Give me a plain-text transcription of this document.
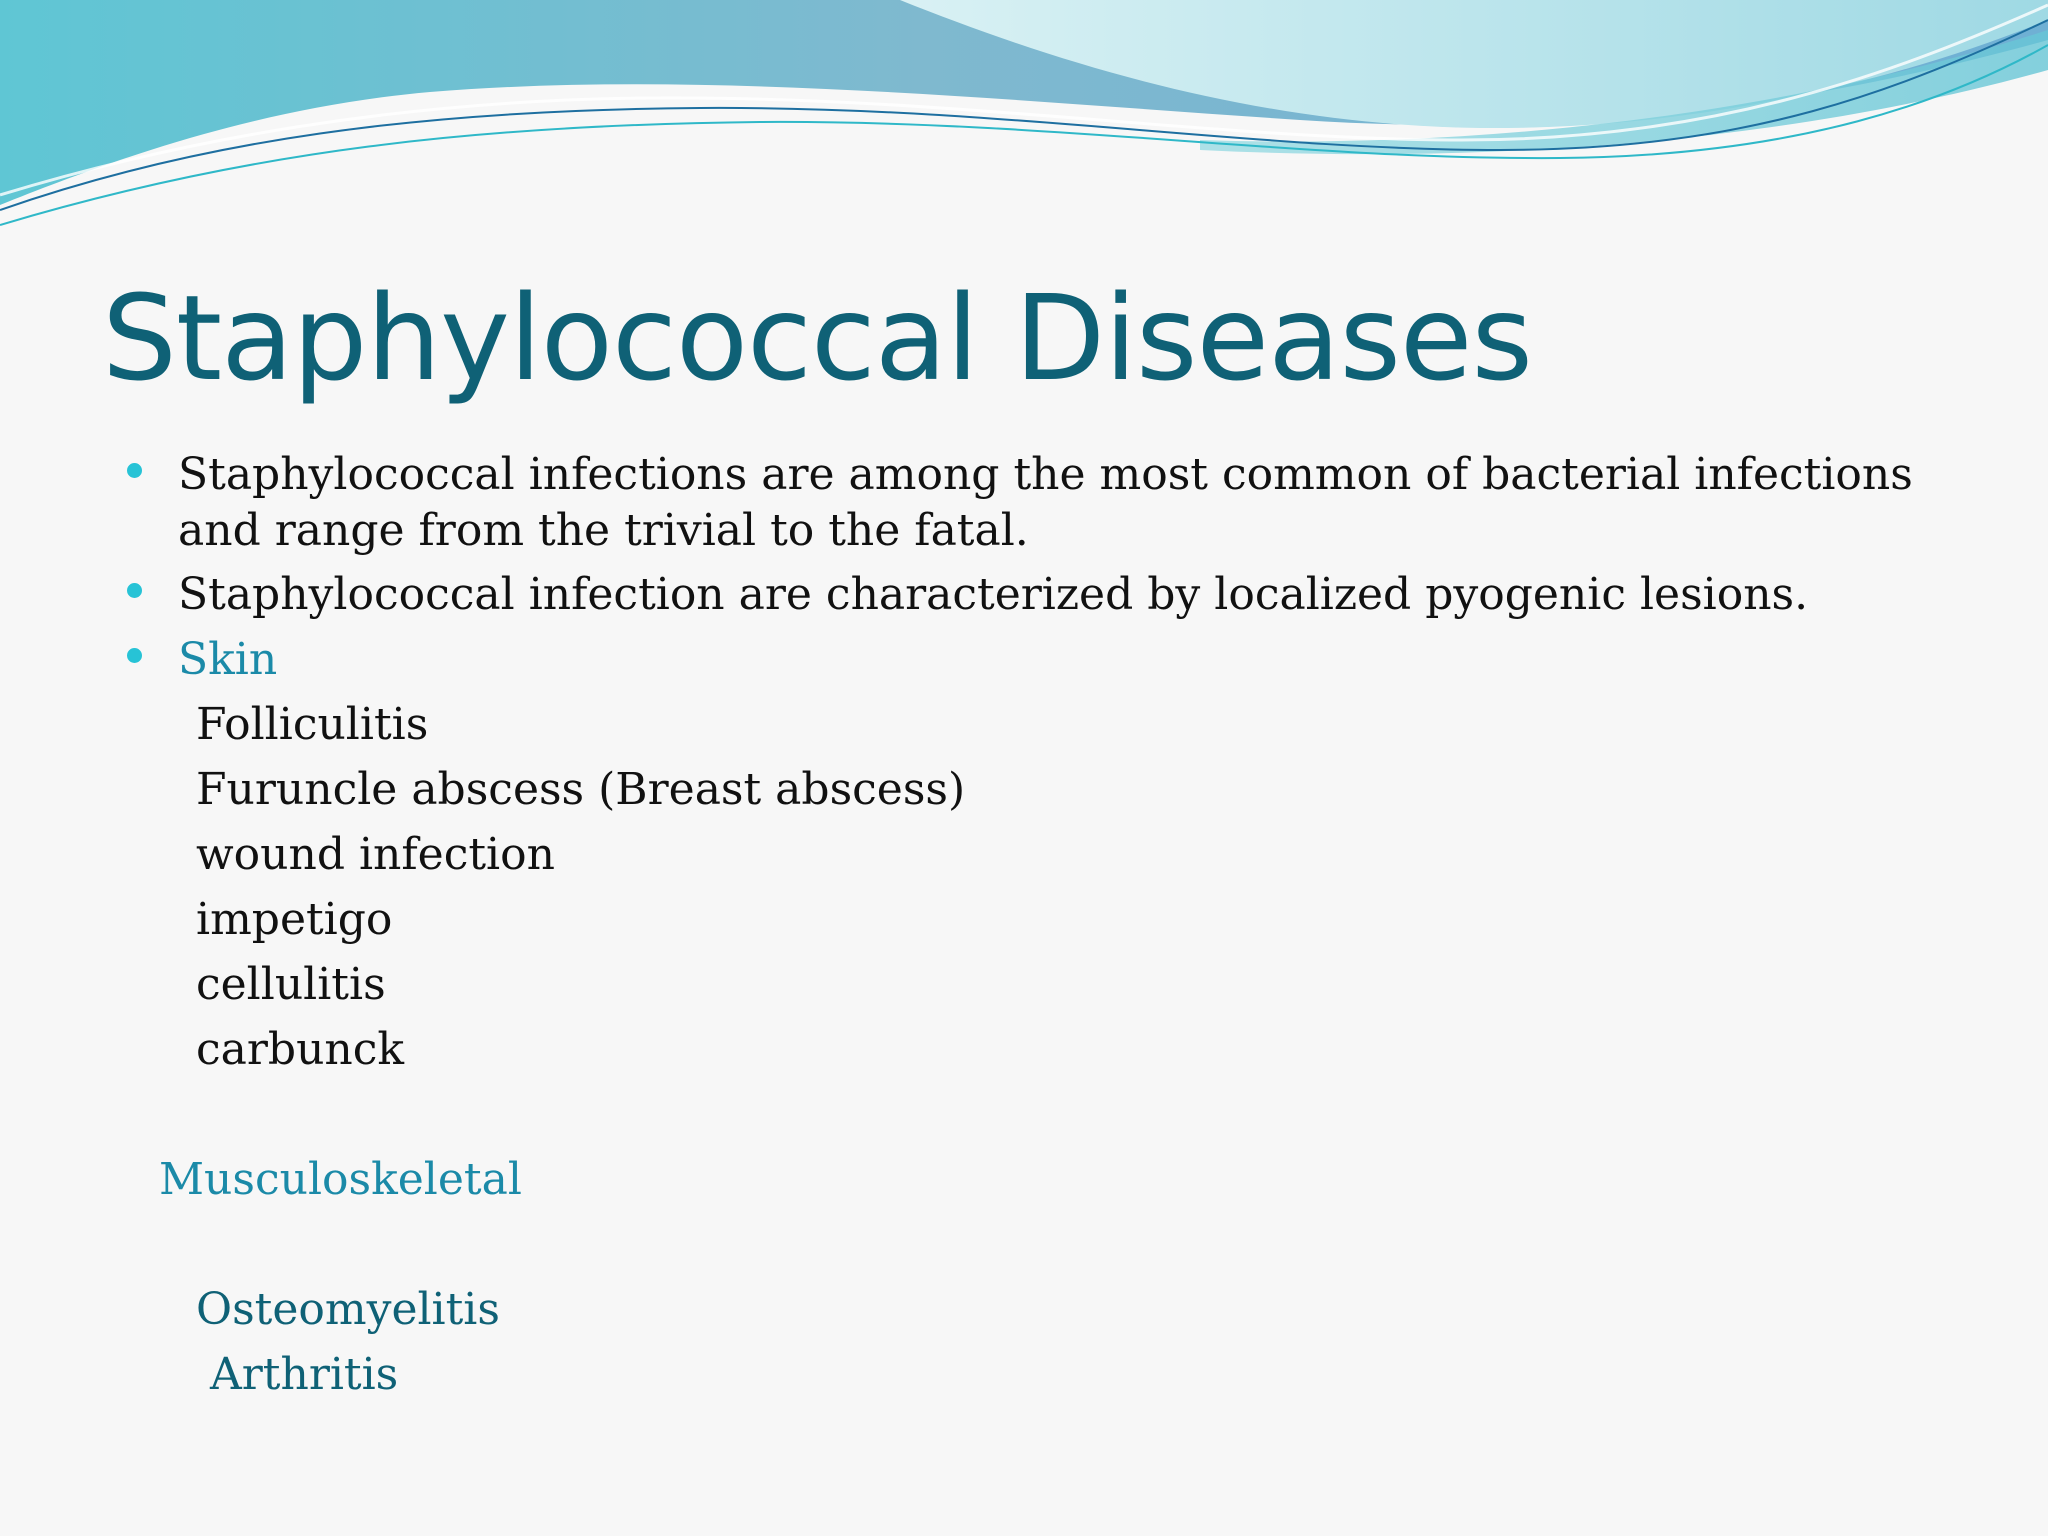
Staphylococcal Diseases

Staphylococcal infections are among the most common of bacterial infections

and range from the trivial to the fatal.

Staphylococcal infection are characterized by localized pyogenic lesions.

Skin

Folliculitis

Furuncle abscess (Breast abscess)

wound infection

impetigo

cellulitis

carbunck

Musculoskeletal

Osteomyelitis

Arthritis
